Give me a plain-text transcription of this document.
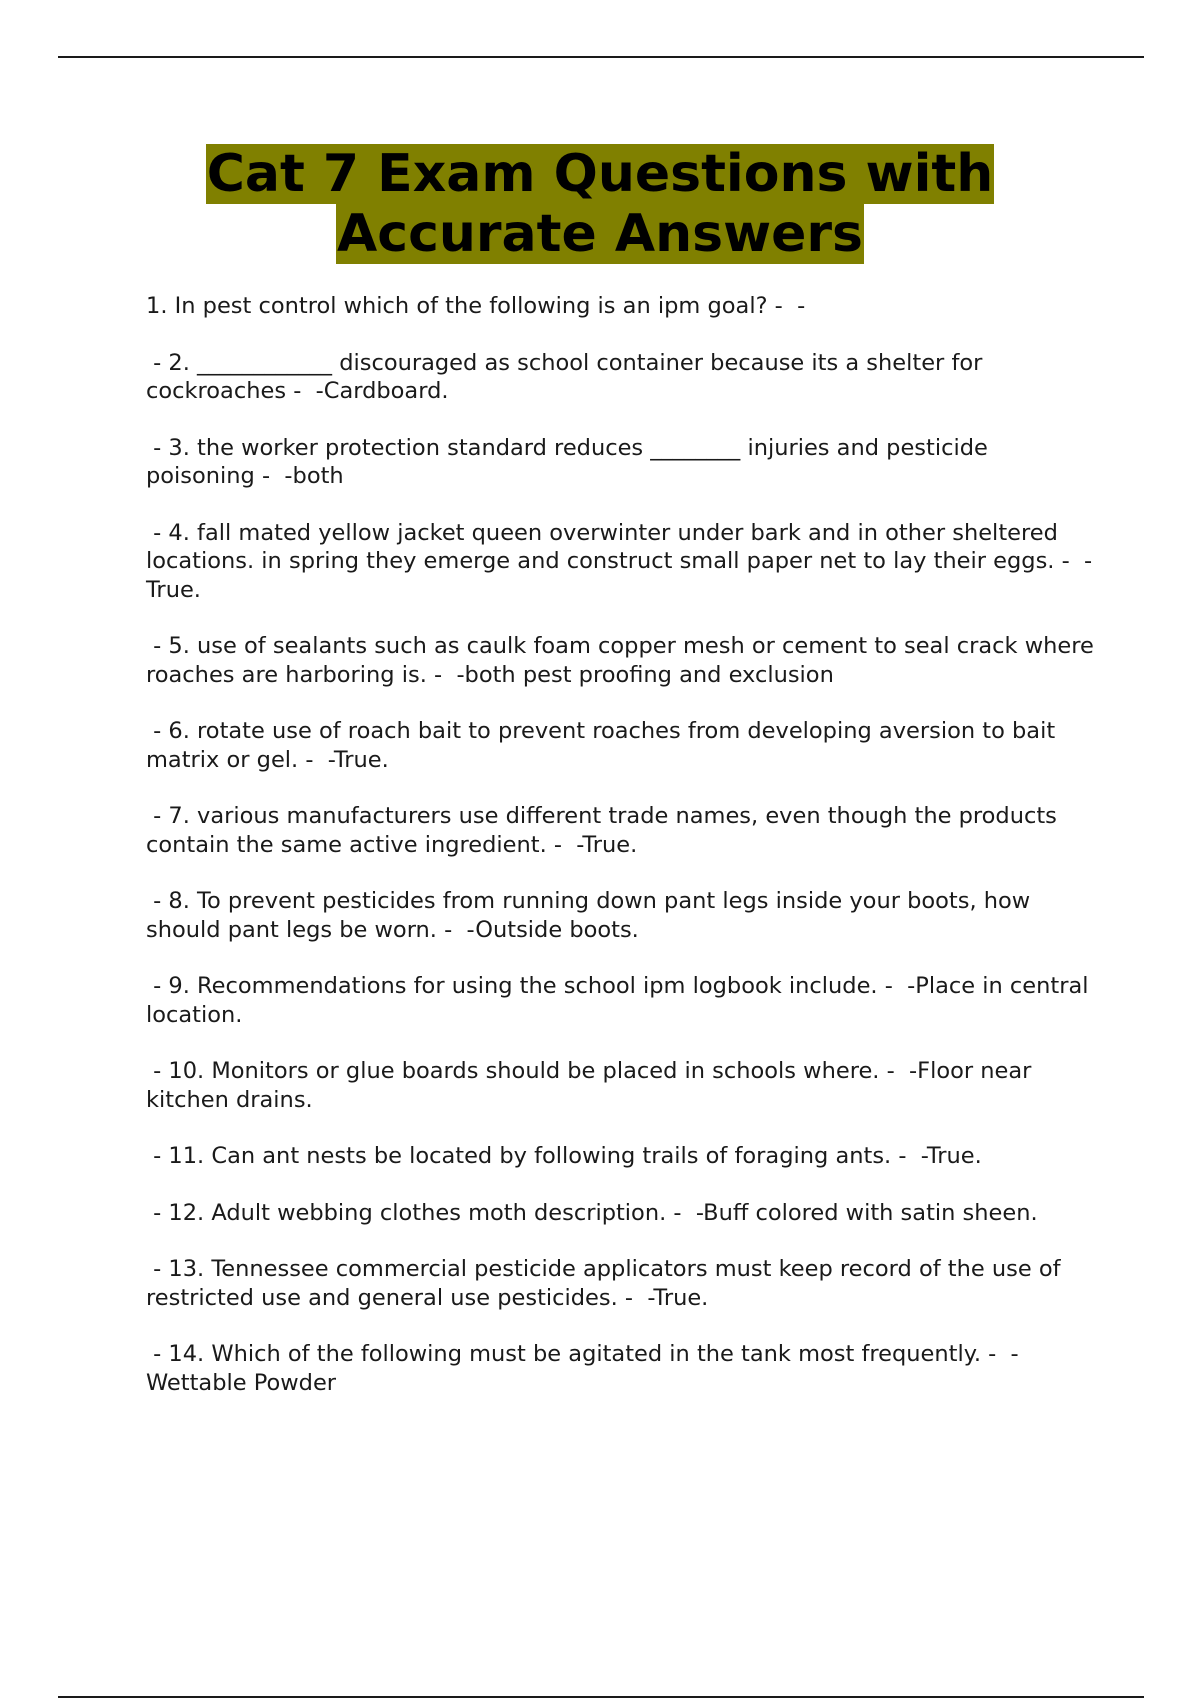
Cat 7 Exam Questions with
Accurate Answers
1. In pest control which of the following is an ipm goal? -  -
- 2. ____________ discouraged as school container because its a shelter for cockroaches -  -Cardboard.
- 3. the worker protection standard reduces ________ injuries and pesticide poisoning -  -both
- 4. fall mated yellow jacket queen overwinter under bark and in other sheltered locations. in spring they emerge and construct small paper net to lay their eggs. -  -True.
- 5. use of sealants such as caulk foam copper mesh or cement to seal crack where roaches are harboring is. -  -both pest proofing and exclusion
- 6. rotate use of roach bait to prevent roaches from developing aversion to bait matrix or gel. -  -True.
- 7. various manufacturers use different trade names, even though the products contain the same active ingredient. -  -True.
- 8. To prevent pesticides from running down pant legs inside your boots, how should pant legs be worn. -  -Outside boots.
- 9. Recommendations for using the school ipm logbook include. -  -Place in central location.
- 10. Monitors or glue boards should be placed in schools where. -  -Floor near kitchen drains.
- 11. Can ant nests be located by following trails of foraging ants. -  -True.
- 12. Adult webbing clothes moth description. -  -Buff colored with satin sheen.
- 13. Tennessee commercial pesticide applicators must keep record of the use of restricted use and general use pesticides. -  -True.
- 14. Which of the following must be agitated in the tank most frequently. -  -Wettable Powder
